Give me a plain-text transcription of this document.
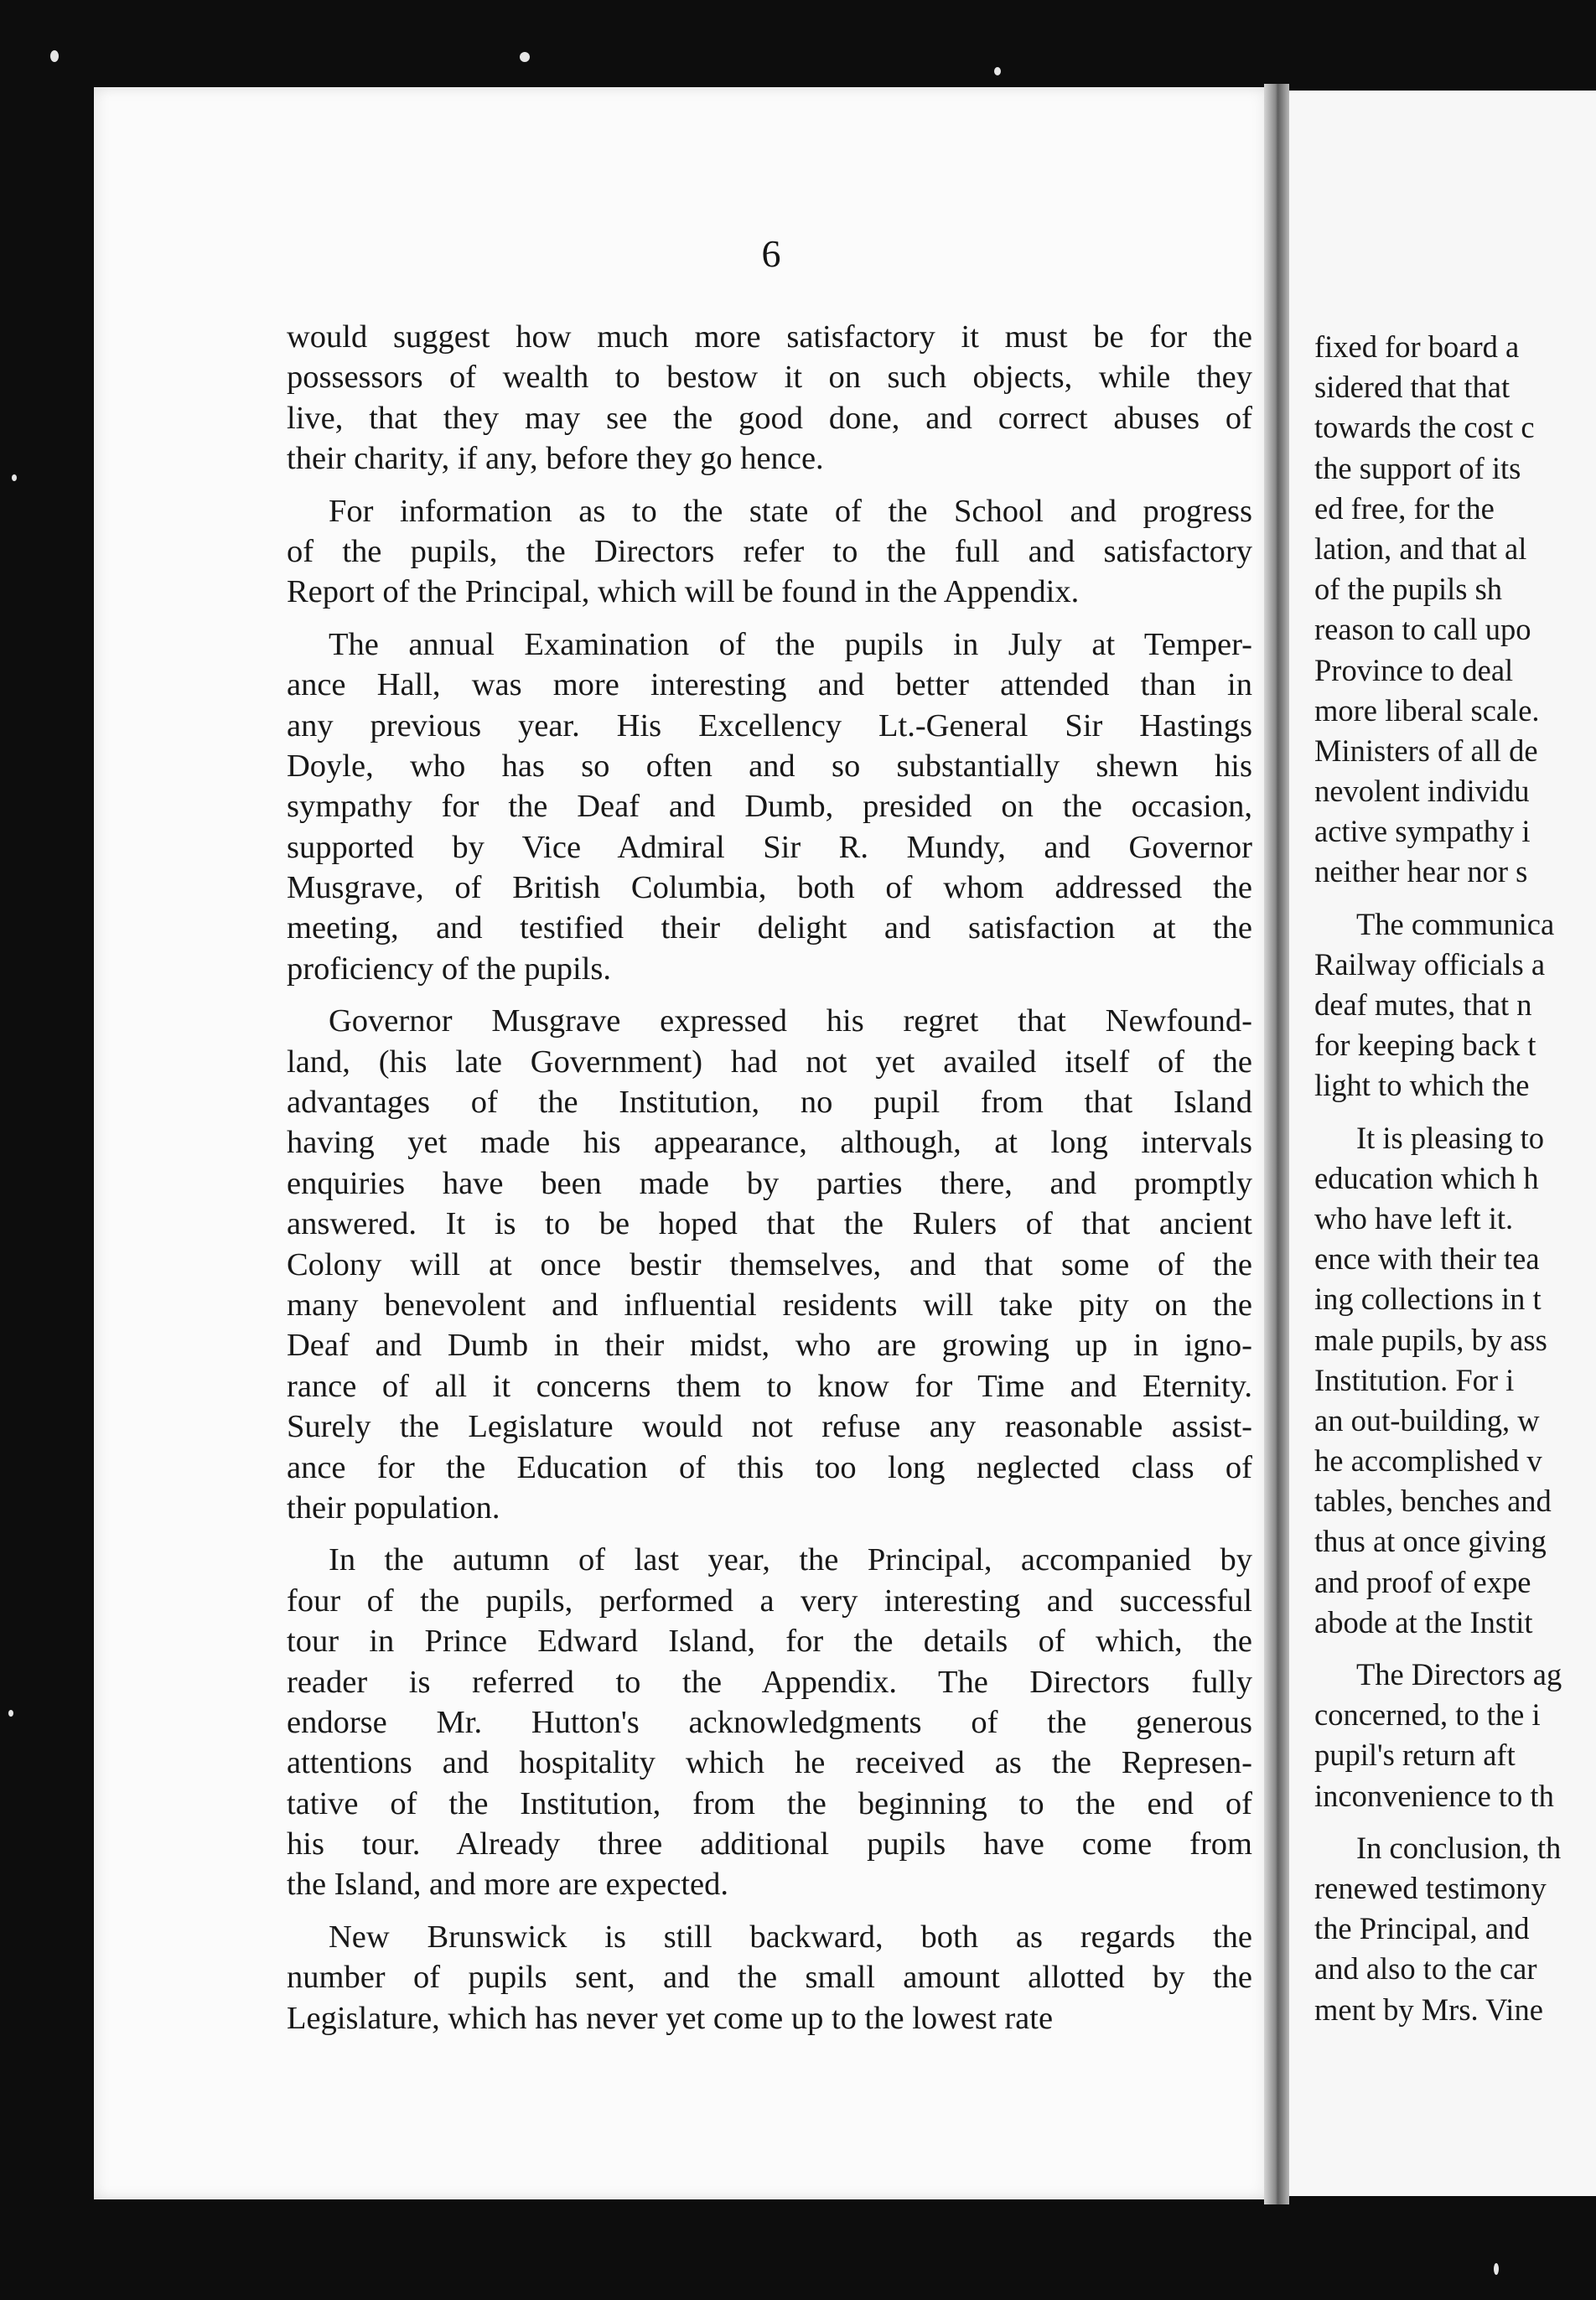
6
would suggest how much more satisfactory it must be for the
possessors of wealth to bestow it on such objects, while they
live, that they may see the good done, and correct abuses of
their charity, if any, before they go hence.
For information as to the state of the School and progress
of the pupils, the Directors refer to the full and satisfactory
Report of the Principal, which will be found in the Appendix.
The annual Examination of the pupils in July at Temper-
ance Hall, was more interesting and better attended than in
any previous year. His Excellency Lt.-General Sir Hastings
Doyle, who has so often and so substantially shewn his
sympathy for the Deaf and Dumb, presided on the occasion,
supported by Vice Admiral Sir R. Mundy, and Governor
Musgrave, of British Columbia, both of whom addressed the
meeting, and testified their delight and satisfaction at the
proficiency of the pupils.
Governor Musgrave expressed his regret that Newfound-
land, (his late Government) had not yet availed itself of the
advantages of the Institution, no pupil from that Island
having yet made his appearance, although, at long intervals
enquiries have been made by parties there, and promptly
answered. It is to be hoped that the Rulers of that ancient
Colony will at once bestir themselves, and that some of the
many benevolent and influential residents will take pity on the
Deaf and Dumb in their midst, who are growing up in igno-
rance of all it concerns them to know for Time and Eternity.
Surely the Legislature would not refuse any reasonable assist-
ance for the Education of this too long neglected class of
their population.
In the autumn of last year, the Principal, accompanied by
four of the pupils, performed a very interesting and successful
tour in Prince Edward Island, for the details of which, the
reader is referred to the Appendix. The Directors fully
endorse Mr. Hutton's acknowledgments of the generous
attentions and hospitality which he received as the Represen-
tative of the Institution, from the beginning to the end of
his tour. Already three additional pupils have come from
the Island, and more are expected.
New Brunswick is still backward, both as regards the
number of pupils sent, and the small amount allotted by the
Legislature, which has never yet come up to the lowest rate
fixed for board a
sidered that that
towards the cost c
the support of its
ed free, for the
lation, and that al
of the pupils sh
reason to call upo
Province to deal
more liberal scale.
Ministers of all de
nevolent individu
active sympathy i
neither hear nor s
The communica
Railway officials a
deaf mutes, that n
for keeping back t
light to which the
It is pleasing to
education which h
who have left it.
ence with their tea
ing collections in t
male pupils, by ass
Institution. For i
an out-building, w
he accomplished v
tables, benches and
thus at once giving
and proof of expe
abode at the Instit
The Directors ag
concerned, to the i
pupil's return aft
inconvenience to th
In conclusion, th
renewed testimony
the Principal, and
and also to the car
ment by Mrs. Vine
